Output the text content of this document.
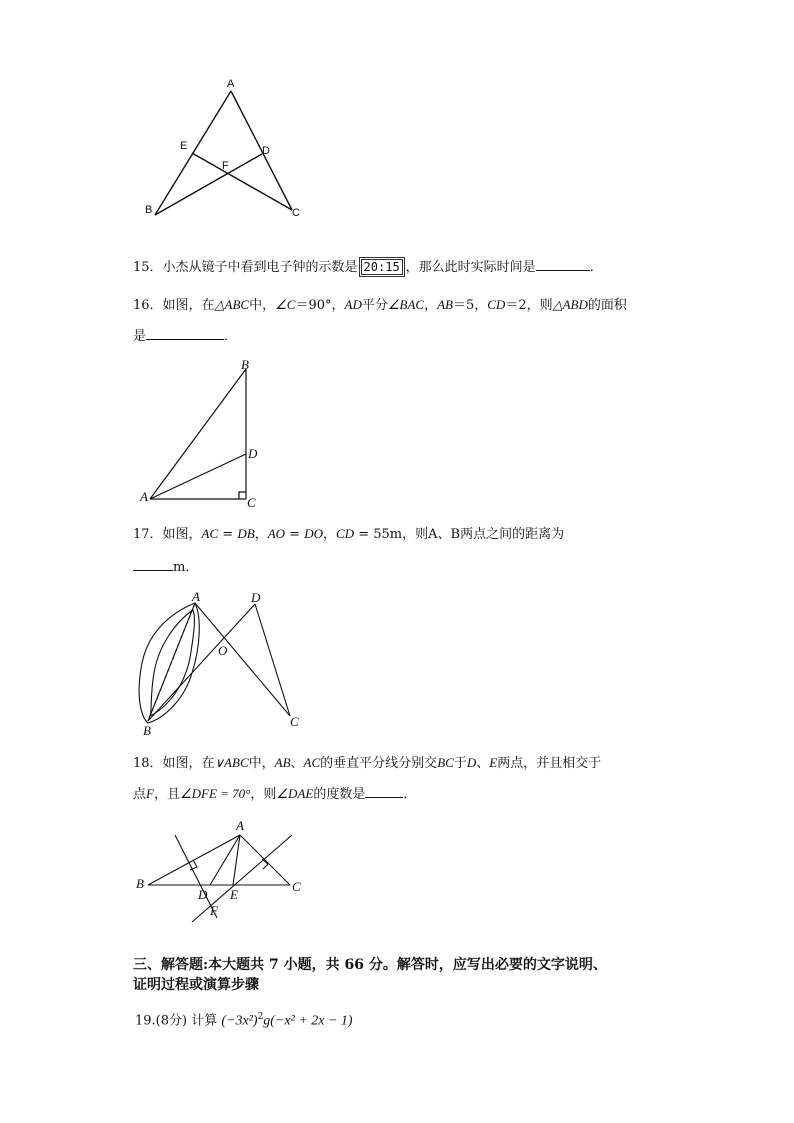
A
E	D
F
B	C
15．小杰从镜子中看到电子钟的示数是 20:15 ，那么此时实际时间是	．
16．如图，在△ABC中，∠C＝90°，AD平分∠BAC，AB＝5，CD＝2，则△ABD的面积
是	．
B
D
A	C
17．如图，AC = DB，AO = DO，CD = 55m，则A、B两点之间的距离为
m．
A	D
O
B
C
18．如图，在∨ABC中，AB、AC的垂直平分线分别交BC于D、E两点，并且相交于
点F，且∠DFE = 70°，则∠DAE的度数是	．
A
B
D E
C
F
三、解答题:本大题共 7 小题，共 66 分。解答时，应写出必要的文字说明、
证明过程或演算步骤
19.(8分) 计算 $(-3x^2)^2g(-x^2 + 2x - 1)$
